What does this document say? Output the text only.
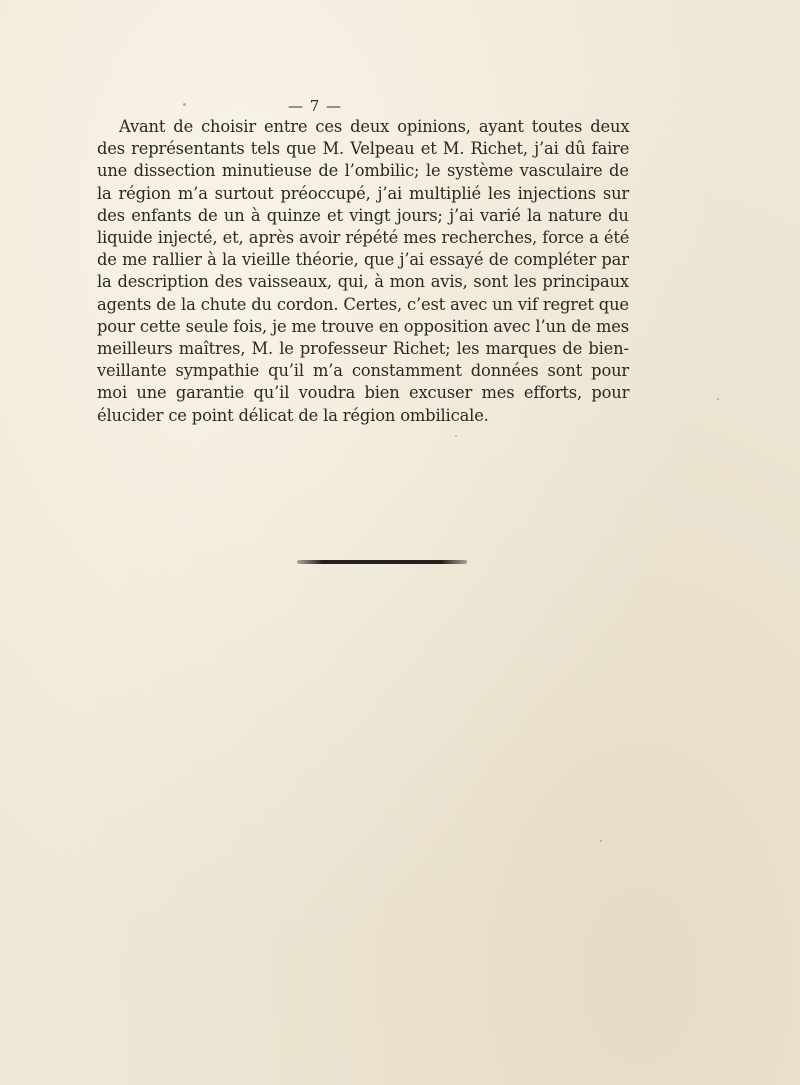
— 7 —

Avant de choisir entre ces deux opinions, ayant toutes deux
des représentants tels que M. Velpeau et M. Richet, j’ai dû faire
une dissection minutieuse de l’ombilic; le système vasculaire de
la région m’a surtout préoccupé, j’ai multiplié les injections sur
des enfants de un à quinze et vingt jours; j’ai varié la nature du
liquide injecté, et, après avoir répété mes recherches, force a été
de me rallier à la vieille théorie, que j’ai essayé de compléter par
la description des vaisseaux, qui, à mon avis, sont les principaux
agents de la chute du cordon. Certes, c’est avec un vif regret que
pour cette seule fois, je me trouve en opposition avec l’un de mes
meilleurs maîtres, M. le professeur Richet; les marques de bien-
veillante sympathie qu’il m’a constamment données sont pour
moi une garantie qu’il voudra bien excuser mes efforts, pour
élucider ce point délicat de la région ombilicale.
